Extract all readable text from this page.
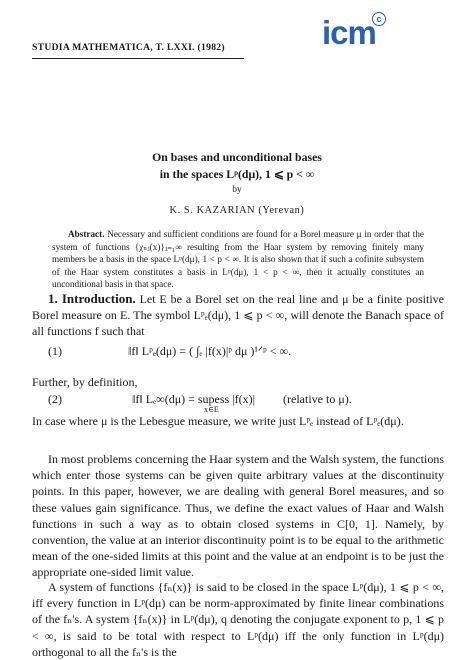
STUDIA MATHEMATICA, T. LXXI. (1982)	icm c
On bases and unconditional bases
in the spaces Lᵖ(dμ), 1 ⩽ p < ∞
by
K. S. KAZARIAN (Yerevan)
Abstract. Necessary and sufficient conditions are found for a Borel measure μ in order that the system of functions {χₙⱼ(x)}ⱼ₌₁∞ resulting from the Haar system by removing finitely many members be a basis in the space Lᵖ(dμ), 1 < p < ∞. It is also shown that if such a cofinite subsystem of the Haar system constitutes a basis in Lᵖ(dμ), 1 < p < ∞, then it actually constitutes an unconditional basis in that space.
1. Introduction. Let E be a Borel set on the real line and μ be a finite positive Borel measure on E. The symbol Lᵖₑ(dμ), 1 ⩽ p < ∞, will denote the Banach space of all functions f such that
(1)	‖f‖ Lᵖₑ(dμ) = ( ∫ₑ |f(x)|ᵖ dμ )¹ᐟᵖ < ∞.
Further, by definition,
(2)	‖f‖ Lₑ∞(dμ) = supess |f(x)| (relative to μ).
x∈E
In case where μ is the Lebesgue measure, we write just Lᵖₑ instead of Lᵖₑ(dμ).
In most problems concerning the Haar system and the Walsh system, the functions which enter those systems can be given quite arbitrary values at the discontinuity points. In this paper, however, we are dealing with general Borel measures, and so these values gain significance. Thus, we define the exact values of Haar and Walsh functions in such a way as to obtain closed systems in C[0, 1]. Namely, by convention, the value at an interior discontinuity point is to be equal to the arithmetic mean of the one-sided limits at this point and the value at an endpoint is to be just the appropriate one-sided limit value.
A system of functions {fₙ(x)} is said to be closed in the space Lᵖ(dμ), 1 ⩽ p < ∞, iff every function in Lᵖ(dμ) can be norm-approximated by finite linear combinations of the fₙ's. A system {fₙ(x)} in Lᵖ(dμ), q denoting the conjugate exponent to p, 1 ⩽ p < ∞, is said to be total with respect to Lᵖ(dμ) iff the only function in Lᵖ(dμ) orthogonal to all the fₙ's is the
